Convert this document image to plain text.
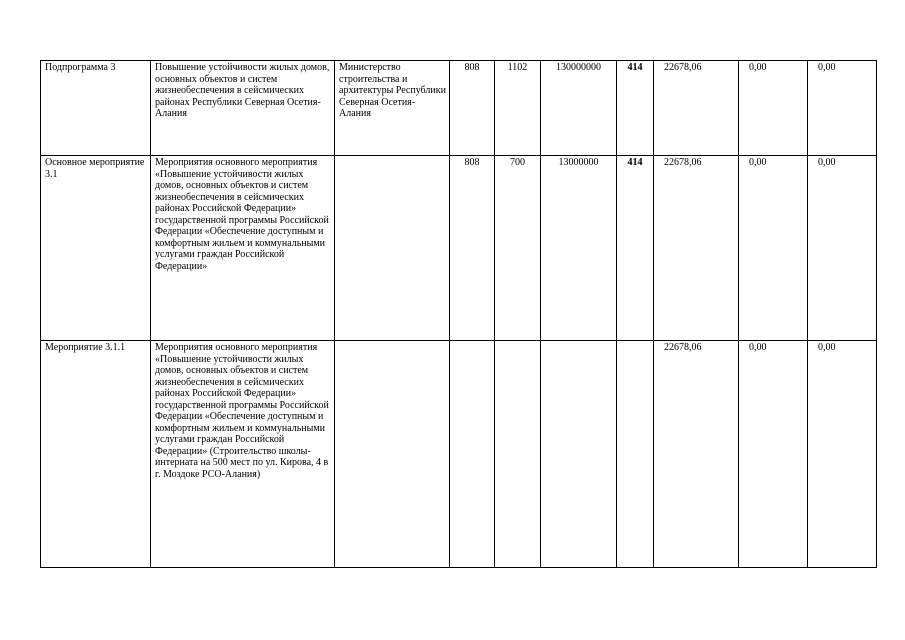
Подпрограмма 3	Повышение устойчивости жилых домов, основных объектов и систем жизнеобеспечения в сейсмических районах Республики Северная Осетия-Алания	Министерство строительства и архитектуры Республики Северная Осетия-Алания	808	1102	130000000	414	22678,06	0,00	0,00
Основное мероприятие 3.1	Мероприятия основного мероприятия «Повышение устойчивости жилых домов, основных объектов и систем жизнеобеспечения в сейсмических районах Российской Федерации» государственной программы Российской Федерации «Обеспечение доступным и комфортным жильем и коммунальными услугами граждан Российской Федерации»		808	700	13000000	414	22678,06	0,00	0,00
Мероприятие 3.1.1	Мероприятия основного мероприятия «Повышение устойчивости жилых домов, основных объектов и систем жизнеобеспечения в сейсмических районах Российской Федерации» государственной программы Российской Федерации «Обеспечение доступным и комфортным жильем и коммунальными услугами граждан Российской Федерации» (Строительство школы-интерната на 500 мест по ул. Кирова, 4 в г. Моздоке РСО-Алания)						22678,06	0,00	0,00
